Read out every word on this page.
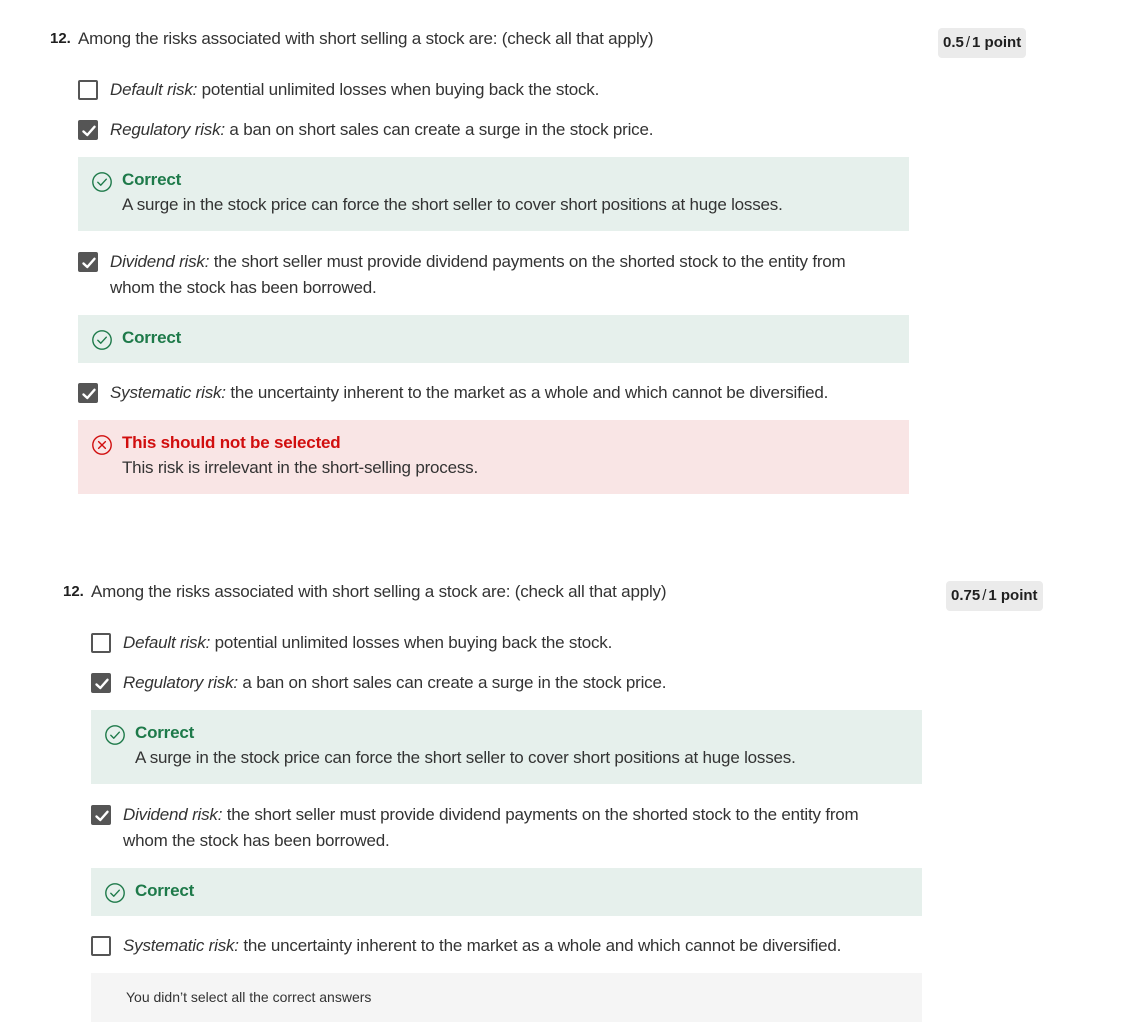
12. Among the risks associated with short selling a stock are: (check all that apply)	0.5 / 1 point
Default risk: potential unlimited losses when buying back the stock.
Regulatory risk: a ban on short sales can create a surge in the stock price.
Correct
A surge in the stock price can force the short seller to cover short positions at huge losses.
Dividend risk: the short seller must provide dividend payments on the shorted stock to the entity from whom the stock has been borrowed.
Correct
Systematic risk: the uncertainty inherent to the market as a whole and which cannot be diversified.
This should not be selected
This risk is irrelevant in the short-selling process.
12. Among the risks associated with short selling a stock are: (check all that apply)	0.75 / 1 point
Default risk: potential unlimited losses when buying back the stock.
Regulatory risk: a ban on short sales can create a surge in the stock price.
Correct
A surge in the stock price can force the short seller to cover short positions at huge losses.
Dividend risk: the short seller must provide dividend payments on the shorted stock to the entity from whom the stock has been borrowed.
Correct
Systematic risk: the uncertainty inherent to the market as a whole and which cannot be diversified.
You didn’t select all the correct answers
